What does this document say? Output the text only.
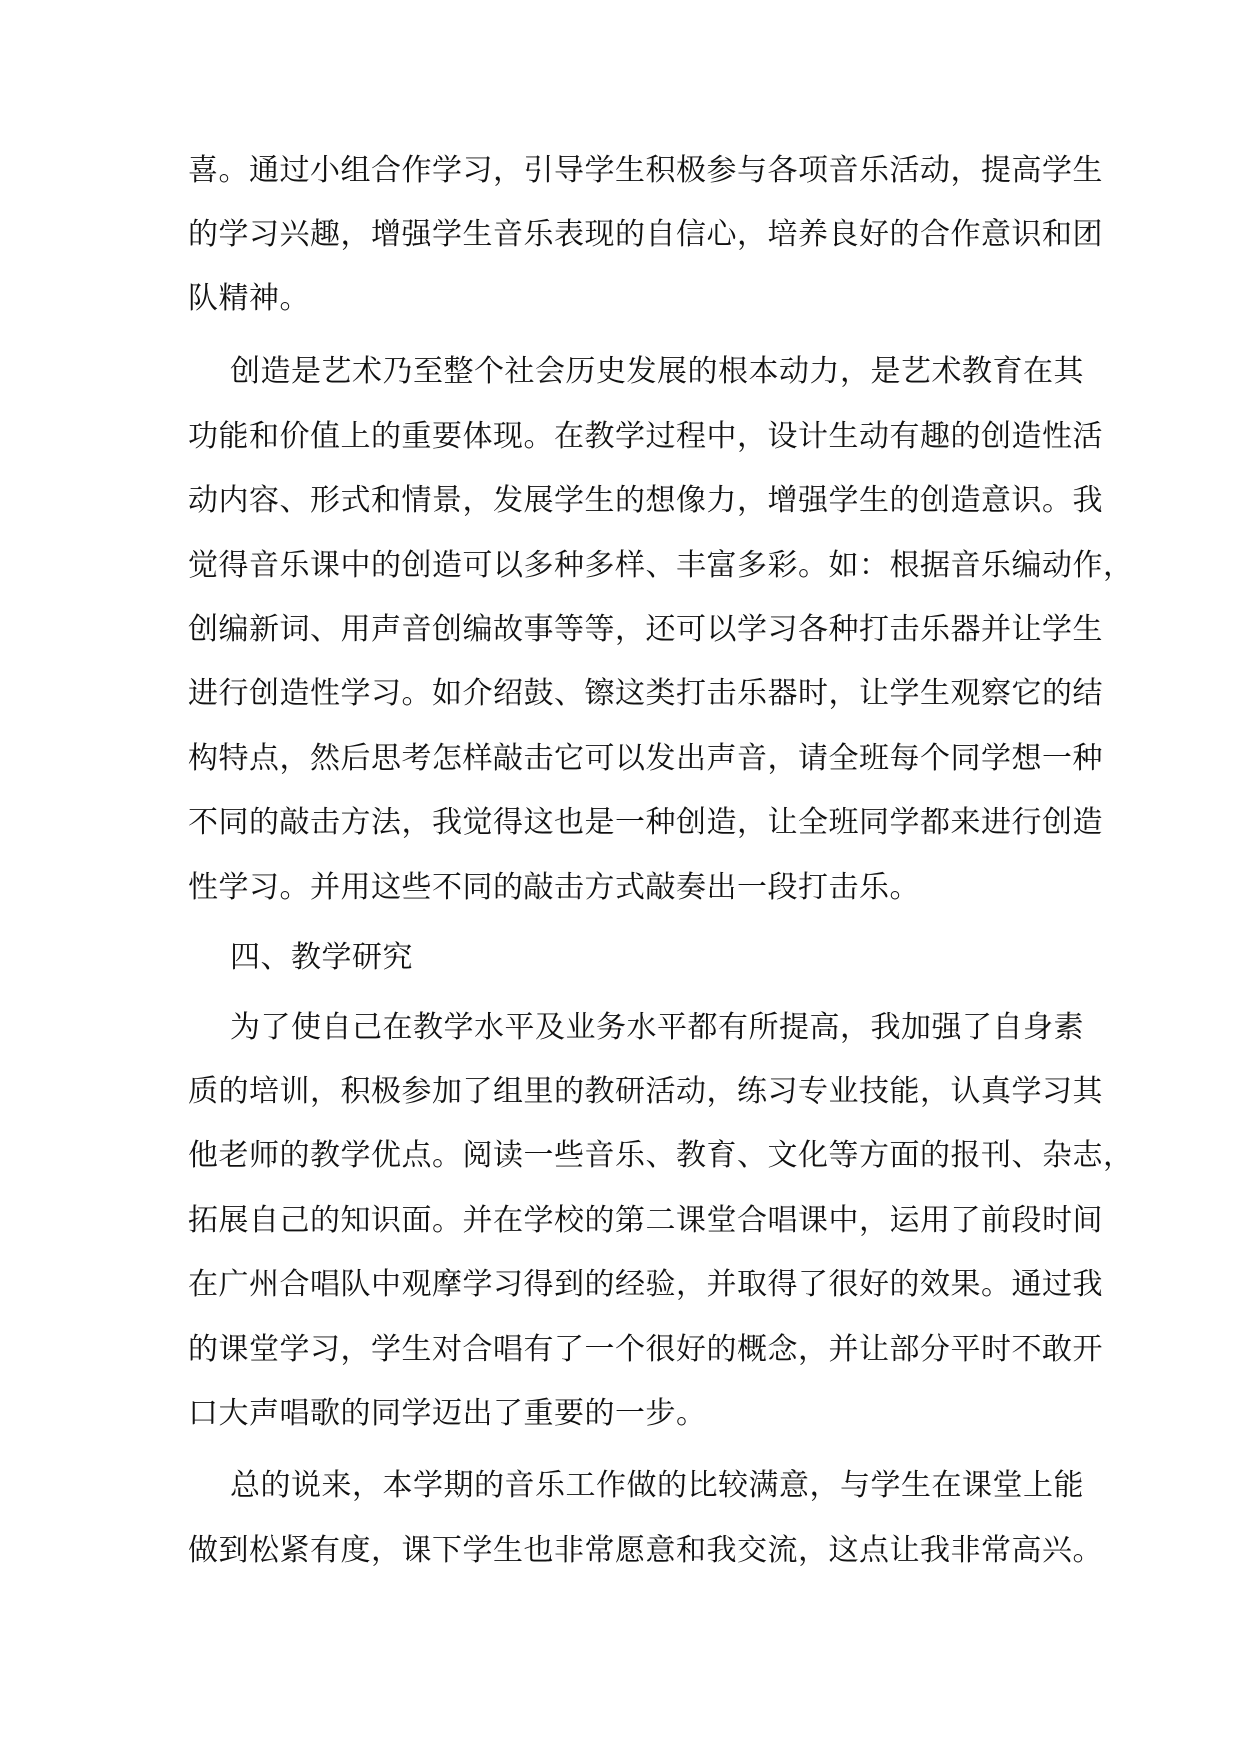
喜。通过小组合作学习，引导学生积极参与各项音乐活动，提高学生
的学习兴趣，增强学生音乐表现的自信心，培养良好的合作意识和团
队精神。
创造是艺术乃至整个社会历史发展的根本动力，是艺术教育在其
功能和价值上的重要体现。在教学过程中，设计生动有趣的创造性活
动内容、形式和情景，发展学生的想像力，增强学生的创造意识。我
觉得音乐课中的创造可以多种多样、丰富多彩。如：根据音乐编动作，
创编新词、用声音创编故事等等，还可以学习各种打击乐器并让学生
进行创造性学习。如介绍鼓、镲这类打击乐器时，让学生观察它的结
构特点，然后思考怎样敲击它可以发出声音，请全班每个同学想一种
不同的敲击方法，我觉得这也是一种创造，让全班同学都来进行创造
性学习。并用这些不同的敲击方式敲奏出一段打击乐。
四、教学研究
为了使自己在教学水平及业务水平都有所提高，我加强了自身素
质的培训，积极参加了组里的教研活动，练习专业技能，认真学习其
他老师的教学优点。阅读一些音乐、教育、文化等方面的报刊、杂志，
拓展自己的知识面。并在学校的第二课堂合唱课中，运用了前段时间
在广州合唱队中观摩学习得到的经验，并取得了很好的效果。通过我
的课堂学习，学生对合唱有了一个很好的概念，并让部分平时不敢开
口大声唱歌的同学迈出了重要的一步。
总的说来，本学期的音乐工作做的比较满意，与学生在课堂上能
做到松紧有度，课下学生也非常愿意和我交流，这点让我非常高兴。
